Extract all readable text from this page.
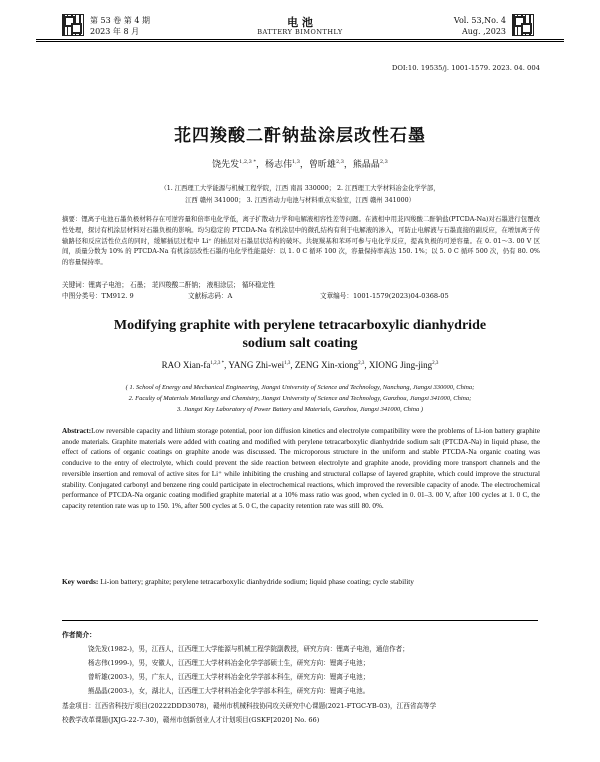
第 53 卷 第 4 期
2023 年 8 月
电 池
BATTERY BIMONTHLY
Vol. 53,No. 4
Aug. ,2023
DOI:10. 19535/j. 1001-1579. 2023. 04. 004
苝四羧酸二酐钠盐涂层改性石墨
饶先发$^{1,2,3 *}$，杨志伟$^{1,3}$，曾昕雄$^{2,3}$，熊晶晶$^{2,3}$
（1. 江西理工大学能源与机械工程学院，江西 南昌 330000； 2. 江西理工大学材料冶金化学学部，
江西 赣州 341000； 3. 江西省动力电池与材料重点实验室，江西 赣州 341000）
摘要：锂离子电池石墨负极材料存在可逆容量和倍率电化学低，离子扩散动力学和电解液相容性差等问题。在液相中用苝四羧酸二酐钠盐(PTCDA-Na)对石墨进行包覆改性处理，探讨有机涂层材料对石墨负极的影响。均匀稳定的 PTCDA-Na 有机涂层中的微孔结构有利于电解液的渗入，可防止电解液与石墨直接的副反应，在增加离子传输路径和反应活性位点的同时，缓解插层过程中 Li⁺ 的插层对石墨层状结构的破坏。共轭羰基和苯环可参与电化学反应，提高负极的可逆容量。在 0. 01～3. 00 V 区间，质量分数为 10% 的 PTCDA-Na 有机涂层改性石墨的电化学性能最好：以 1. 0 C 循环 100 次，容量保持率高达 150. 1%；以 5. 0 C 循环 500 次，仍有 80. 0% 的容量保持率。
关键词：锂离子电池； 石墨； 苝四羧酸二酐钠； 液相涂层； 循环稳定性
中图分类号：TM912. 9	文献标志码：A	文章编号：1001-1579(2023)04-0368-05
Modifying graphite with perylene tetracarboxylic dianhydride
sodium salt coating
RAO Xian-$fa^{1,2,3 *}$, YANG Zhi-wei$^{1,3}$, ZENG Xin-xiong$^{2,3}$, XIONG Jing-jing$^{2,3}$
( 1. School of Energy and Mechanical Engineering, Jiangxi University of Science and Technology, Nanchang, Jiangxi 330000, China;
2. Faculty of Materials Metallurgy and Chemistry, Jiangxi University of Science and Technology, Ganzhou, Jiangxi 341000, China;
3. Jiangxi Key Laboratory of Power Battery and Materials, Ganzhou, Jiangxi 341000, China )
Abstract:Low reversible capacity and lithium storage potential, poor ion diffusion kinetics and electrolyte compatibility were the problems of Li-ion battery graphite anode materials. Graphite materials were added with coating and modified with perylene tetracarboxylic dianhydride sodium salt (PTCDA-Na) in liquid phase, the effect of cations of organic coatings on graphite anode was discussed. The microporous structure in the uniform and stable PTCDA-Na organic coating was conducive to the entry of electrolyte, which could prevent the side reaction between electrolyte and graphite anode, providing more transport channels and the reversible insertion and removal of active sites for Li⁺ while inhibiting the crushing and structural collapse of layered graphite, which could improve the structural stability. Conjugated carbonyl and benzene ring could participate in electrochemical reactions, which improved the reversible capacity of anode. The electrochemical performance of PTCDA-Na organic coating modified graphite material at a 10% mass ratio was good, when cycled in 0. 01–3. 00 V, after 100 cycles at 1. 0 C, the capacity retention rate was up to 150. 1%, after 500 cycles at 5. 0 C, the capacity retention rate was still 80. 0%.
Key words: Li-ion battery; graphite; perylene tetracarboxylic dianhydride sodium; liquid phase coating; cycle stability
作者简介：
饶先发(1982-)，男，江西人，江西理工大学能源与机械工程学院副教授，研究方向：锂离子电池，通信作者；
杨志伟(1999-)，男，安徽人，江西理工大学材料冶金化学学部硕士生，研究方向：锂离子电池；
曾昕雄(2003-)，男，广东人，江西理工大学材料冶金化学学部本科生，研究方向：锂离子电池；
熊晶晶(2003-)，女，湖北人，江西理工大学材料冶金化学学部本科生，研究方向：锂离子电池。
基金项目：江西省科技厅项目(20222DDD3078)，赣州市机械科技协同攻关研究中心课题(2021-FTGC-YB-03)，江西省高等学
校教学改革课题(JXJG-22-7-30)，赣州市创新创业人才计划项目(GSKF[2020] No. 66)
